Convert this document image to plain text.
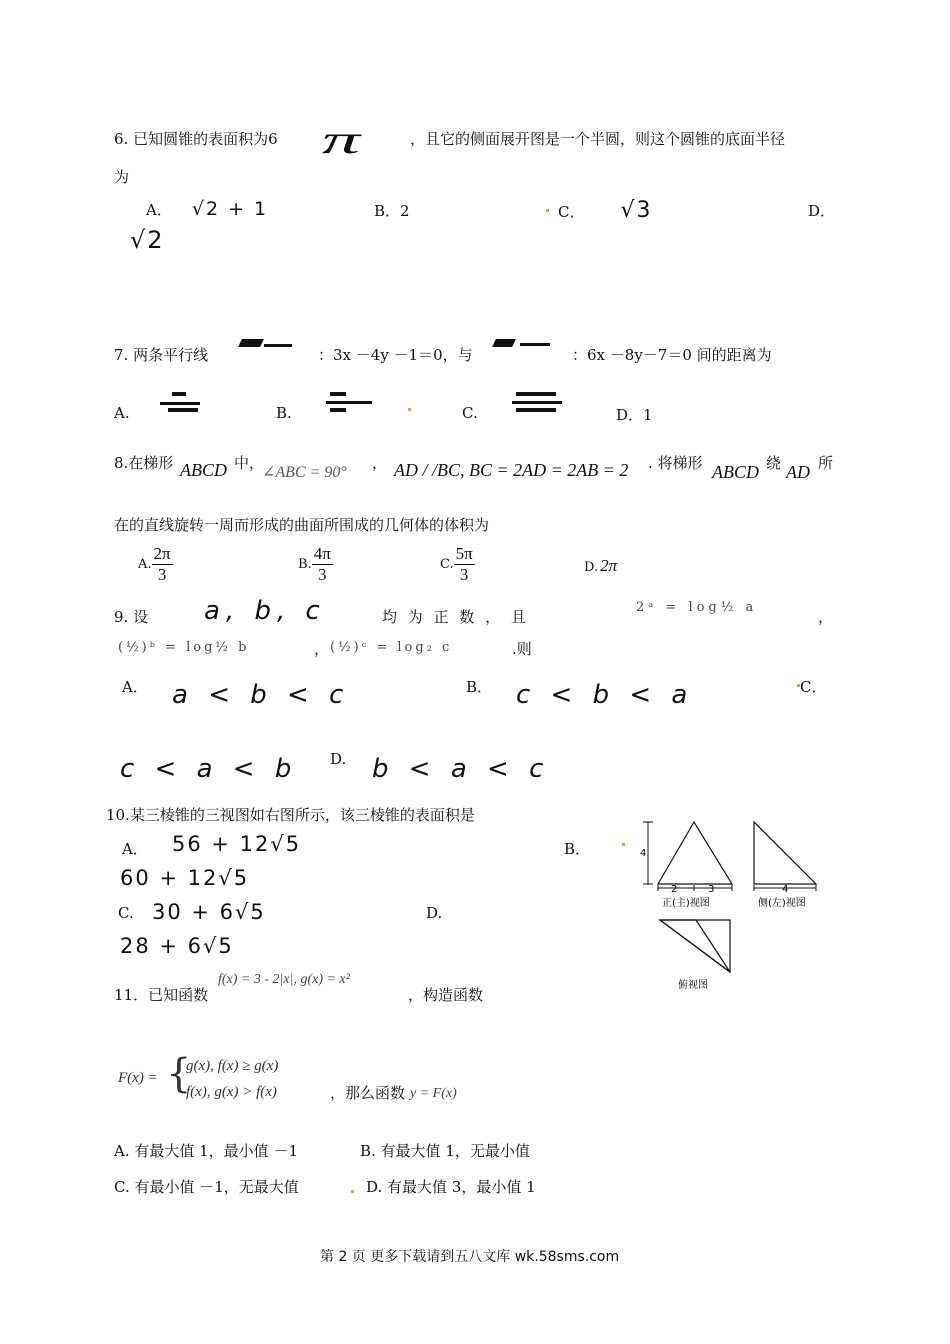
6. 已知圆锥的表面积为6 π	，且它的侧面展开图是一个半圆，则这个圆锥的底面半径
为
A． √2 + 1	B．2	C． √3	D．
√2
7. 两条平行线	：3x －4y －1＝0，与	：6x －8y－7＝0 间的距离为
A.	B.	C.	D．1
8.在梯形 ABCD 中，
∠ABC = 90°
， AD / /BC, BC = 2AD = 2AB = 2 . 将梯形 ABCD 绕 AD 所
在的直线旋转一周而形成的曲面所围成的几何体的体积为
A. $\frac{2\pi}{3}$	B. $\frac{4\pi}{3}$	C. $\frac{5\pi}{3}$	D. 2π
9. 设 a, b, c	均 为 正 数 ， 且
2ᵃ = log½ a
，
(½)ᵇ = log½ b	， (½)ᶜ = log₂ c	.则
A． a < b < c	B． c < b < a	C．
c < a < b D. b < a < c
10.某三棱锥的三视图如右图所示，该三棱锥的表面积是
A． 56 + 12√5	B．
60 + 12√5
C. 30 + 6√5	D.
28 + 6√5
4
2	3
正(主)视图
4
侧(左)视图
俯视图
11．已知函数
f(x) = 3 - 2|x|, g(x) = x²
，构造函数
F(x) = {
g(x), f(x) ≥ g(x)
f(x), g(x) > f(x)	，那么函数 y = F(x)
A. 有最大值 1，最小值 －1	B. 有最大值 1，无最小值
C. 有最小值 －1，无最大值	D. 有最大值 3，最小值 1
第 2 页 更多下载请到五八文库 wk.58sms.com
